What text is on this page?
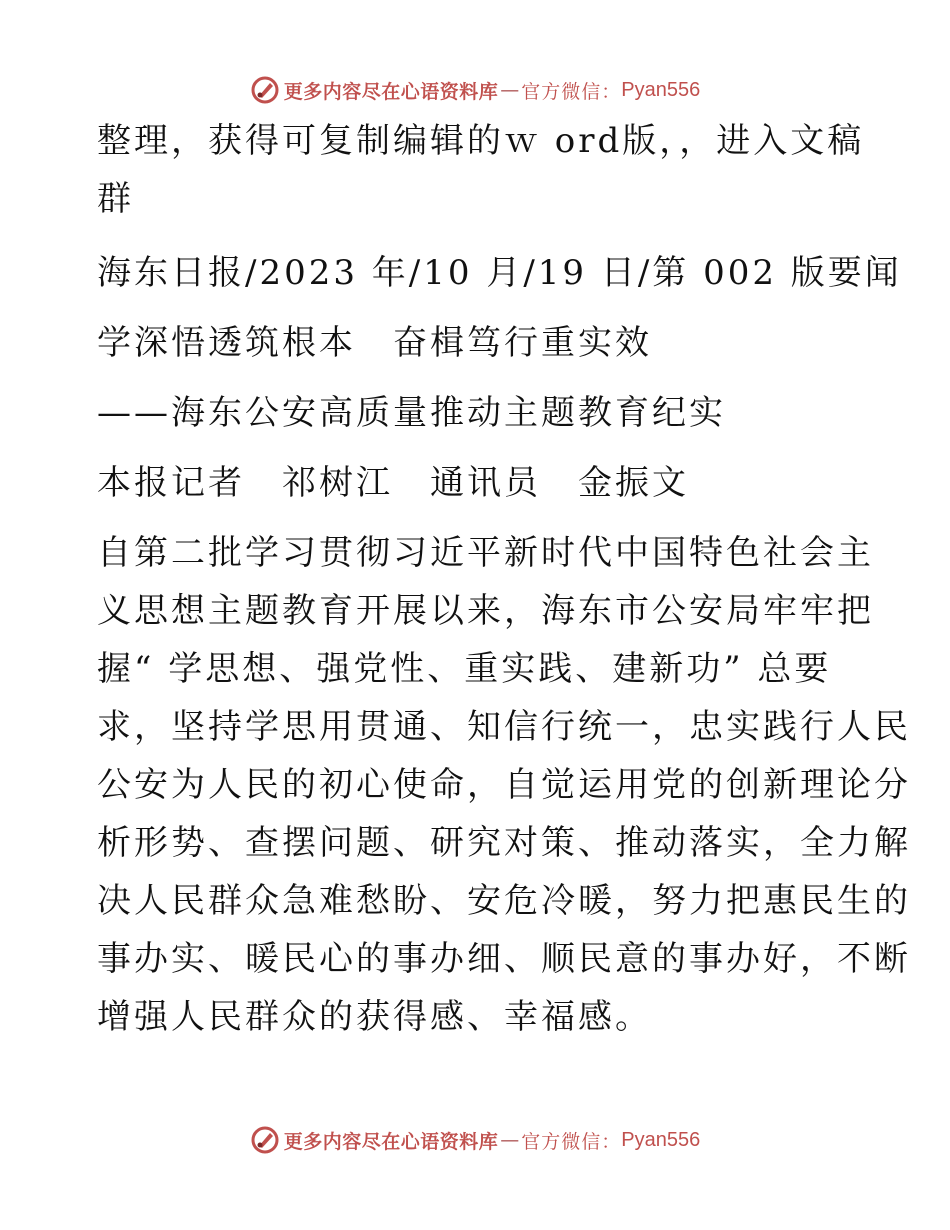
更多内容尽在心语资料库 — 官方微信： Pyan556
整理，获得可复制编辑的ｗ ord版，，进入文稿
群
海东日报/2023 年/10 月/19 日/第 002 版要闻
学深悟透筑根本　奋楫笃行重实效
——海东公安高质量推动主题教育纪实
本报记者　祁树江　通讯员　金振文
自第二批学习贯彻习近平新时代中国特色社会主
义思想主题教育开展以来，海东市公安局牢牢把
握“ 学思想、强党性、重实践、建新功” 总要
求，坚持学思用贯通、知信行统一，忠实践行人民
公安为人民的初心使命，自觉运用党的创新理论分
析形势、查摆问题、研究对策、推动落实，全力解
决人民群众急难愁盼、安危冷暖，努力把惠民生的
事办实、暖民心的事办细、顺民意的事办好，不断
增强人民群众的获得感、幸福感。
更多内容尽在心语资料库 — 官方微信： Pyan556
